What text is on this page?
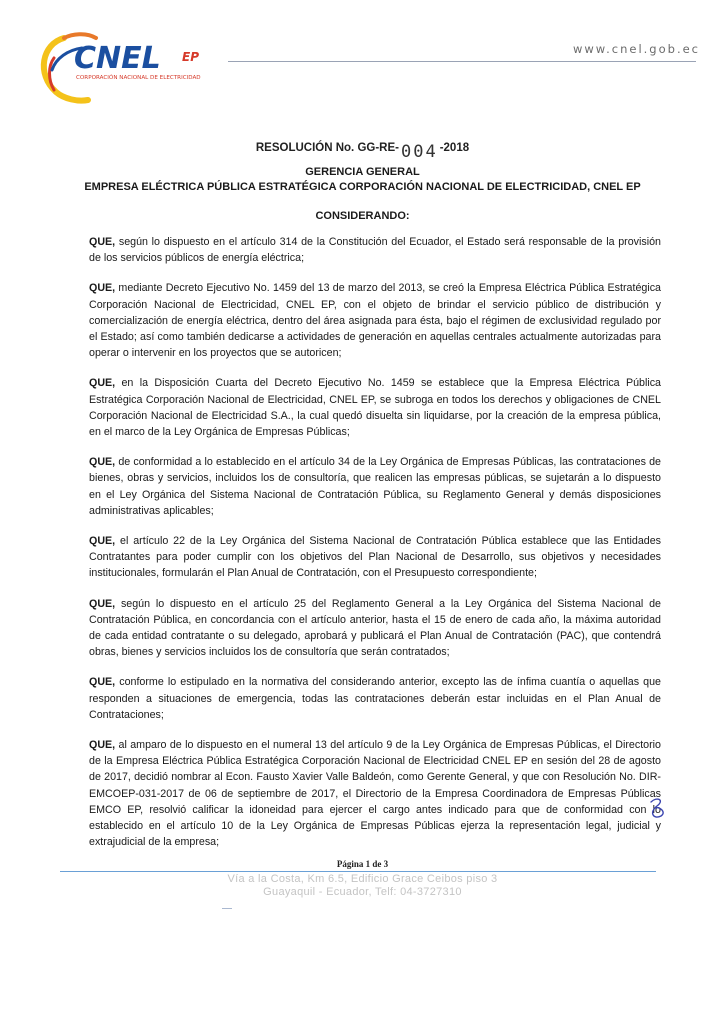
CNEL EP
CORPORACIÓN NACIONAL DE ELECTRICIDAD
www.cnel.gob.ec
RESOLUCIÓN No. GG-RE- 004 -2018
GERENCIA GENERAL
EMPRESA ELÉCTRICA PÚBLICA ESTRATÉGICA CORPORACIÓN NACIONAL DE ELECTRICIDAD, CNEL EP
CONSIDERANDO:

QUE, según lo dispuesto en el artículo 314 de la Constitución del Ecuador, el Estado será responsable de la provisión de los servicios públicos de energía eléctrica;

QUE, mediante Decreto Ejecutivo No. 1459 del 13 de marzo del 2013, se creó la Empresa Eléctrica Pública Estratégica Corporación Nacional de Electricidad, CNEL EP, con el objeto de brindar el servicio público de distribución y comercialización de energía eléctrica, dentro del área asignada para ésta, bajo el régimen de exclusividad regulado por el Estado; así como también dedicarse a actividades de generación en aquellas centrales actualmente autorizadas para operar o intervenir en los proyectos que se autoricen;

QUE, en la Disposición Cuarta del Decreto Ejecutivo No. 1459 se establece que la Empresa Eléctrica Pública Estratégica Corporación Nacional de Electricidad, CNEL EP, se subroga en todos los derechos y obligaciones de CNEL Corporación Nacional de Electricidad S.A., la cual quedó disuelta sin liquidarse, por la creación de la empresa pública, en el marco de la Ley Orgánica de Empresas Públicas;

QUE, de conformidad a lo establecido en el artículo 34 de la Ley Orgánica de Empresas Públicas, las contrataciones de bienes, obras y servicios, incluidos los de consultoría, que realicen las empresas públicas, se sujetarán a lo dispuesto en el Ley Orgánica del Sistema Nacional de Contratación Pública, su Reglamento General y demás disposiciones administrativas aplicables;

QUE, el artículo 22 de la Ley Orgánica del Sistema Nacional de Contratación Pública establece que las Entidades Contratantes para poder cumplir con los objetivos del Plan Nacional de Desarrollo, sus objetivos y necesidades institucionales, formularán el Plan Anual de Contratación, con el Presupuesto correspondiente;

QUE, según lo dispuesto en el artículo 25 del Reglamento General a la Ley Orgánica del Sistema Nacional de Contratación Pública, en concordancia con el artículo anterior, hasta el 15 de enero de cada año, la máxima autoridad de cada entidad contratante o su delegado, aprobará y publicará el Plan Anual de Contratación (PAC), que contendrá obras, bienes y servicios incluidos los de consultoría que serán contratados;

QUE, conforme lo estipulado en la normativa del considerando anterior, excepto las de ínfima cuantía o aquellas que responden a situaciones de emergencia, todas las contrataciones deberán estar incluidas en el Plan Anual de Contrataciones;

QUE, al amparo de lo dispuesto en el numeral 13 del artículo 9 de la Ley Orgánica de Empresas Públicas, el Directorio de la Empresa Eléctrica Pública Estratégica Corporación Nacional de Electricidad CNEL EP en sesión del 28 de agosto de 2017, decidió nombrar al Econ. Fausto Xavier Valle Baldeón, como Gerente General, y que con Resolución No. DIR-EMCOEP-031-2017 de 06 de septiembre de 2017, el Directorio de la Empresa Coordinadora de Empresas Públicas EMCO EP, resolvió calificar la idoneidad para ejercer el cargo antes indicado para que de conformidad con lo establecido en el artículo 10 de la Ley Orgánica de Empresas Públicas ejerza la representación legal, judicial y extrajudicial de la empresa;

Página 1 de 3
Vía a la Costa, Km 6.5, Edificio Grace Ceibos piso 3
Guayaquil - Ecuador, Telf: 04-3727310
